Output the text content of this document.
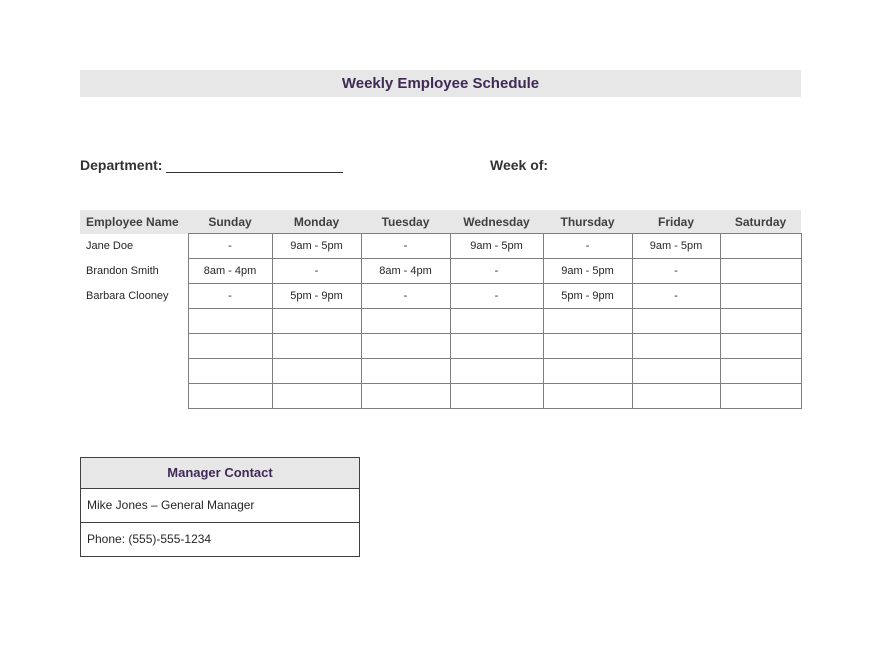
Weekly Employee Schedule
Department:	Week of:
Employee Name	Sunday	Monday	Tuesday	Wednesday	Thursday	Friday	Saturday
Jane Doe	-	9am - 5pm	-	9am - 5pm	-	9am - 5pm	
Brandon Smith	8am - 4pm	-	8am - 4pm	-	9am - 5pm	-	
Barbara Clooney	-	5pm - 9pm	-	-	5pm - 9pm	-	

Manager Contact
Mike Jones – General Manager
Phone: (555)-555-1234
